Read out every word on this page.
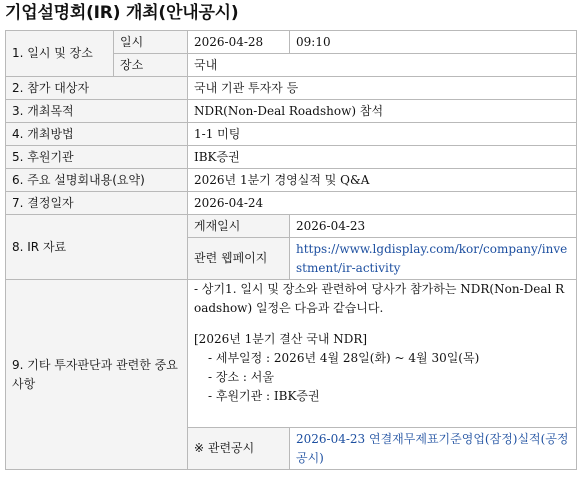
기업설명회(IR) 개최(안내공시)
1. 일시 및 장소	일시	2026-04-28	09:10
	장소	국내	
2. 참가 대상자		국내 기관 투자자 등	
3. 개최목적		NDR(Non-Deal Roadshow) 참석	
4. 개최방법		1-1 미팅	
5. 후원기관		IBK증권	
6. 주요 설명회내용(요약)		2026년 1분기 경영실적 및 Q&A	
7. 결정일자		2026-04-24	
8. IR 자료		게재일시	2026-04-23
		관련 웹페이지	https://www.lgdisplay.com/kor/company/investment/ir-activity
9. 기타 투자판단과 관련한 중요사항		- 상기1. 일시 및 장소와 관련하여 당사가 참가하는 NDR(Non-Deal Roadshow) 일정은 다음과 같습니다.
[2026년 1분기 결산 국내 NDR]
- 세부일정 : 2026년 4월 28일(화) ~ 4월 30일(목)
- 장소 : 서울
- 후원기관 : IBK증권	

		※ 관련공시	2026-04-23 연결재무제표기준영업(잠정)실적(공정공시)
